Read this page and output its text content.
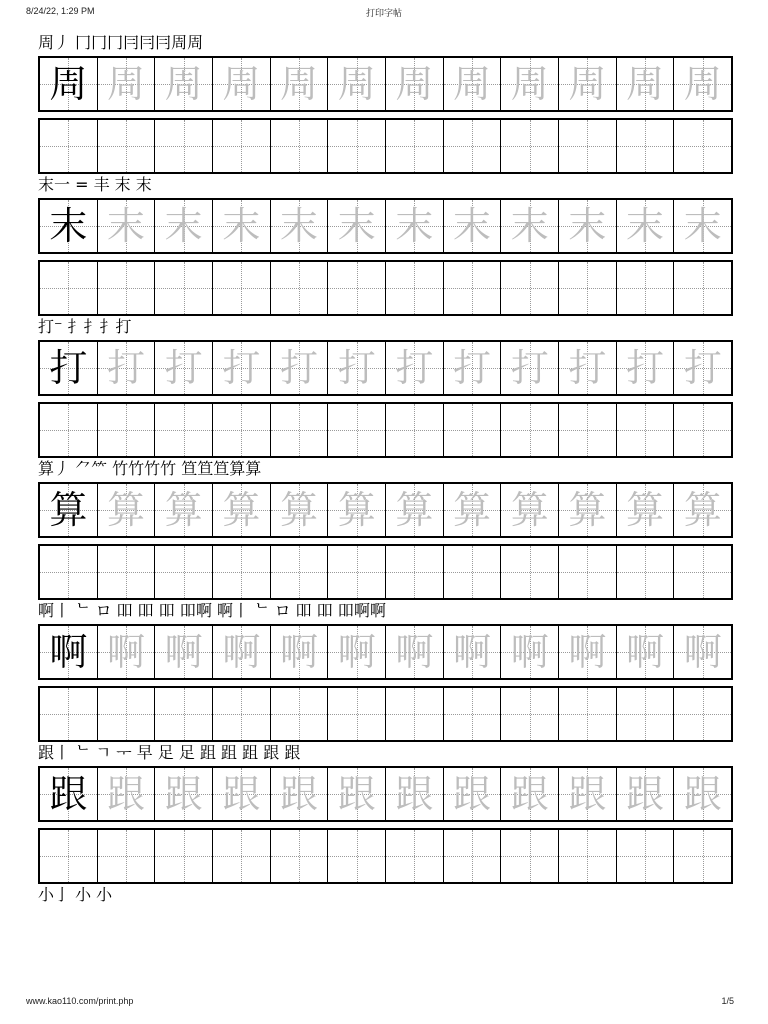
8/24/22, 1:29 PM	打印字帖
周丿 冂冂冂冃冃冃周周
周 周 周 周 周 周 周 周 周 周 周 周
末一 = 丰 末 末
末 末 末 末 末 末 末 末 末 末 末 末
打⁻ 扌扌扌打
打 打 打 打 打 打 打 打 打 打 打 打
算丿 ⺈⺮ 竹竹竹竹 笪笪笪算算
算 算 算 算 算 算 算 算 算 算 算 算
啊丨 ᄂ ロ 吅 吅 吅 吅啊 啊丨 ᄂ ロ 吅 吅 吅啊啊
啊 啊 啊 啊 啊 啊 啊 啊 啊 啊 啊 啊
跟丨 ᄂ ㄱ ᅮ 早 足 足 跙 跙 跙 跟 跟
跟 跟 跟 跟 跟 跟 跟 跟 跟 跟 跟 跟
小亅 小 小
www.kao110.com/print.php	1/5
